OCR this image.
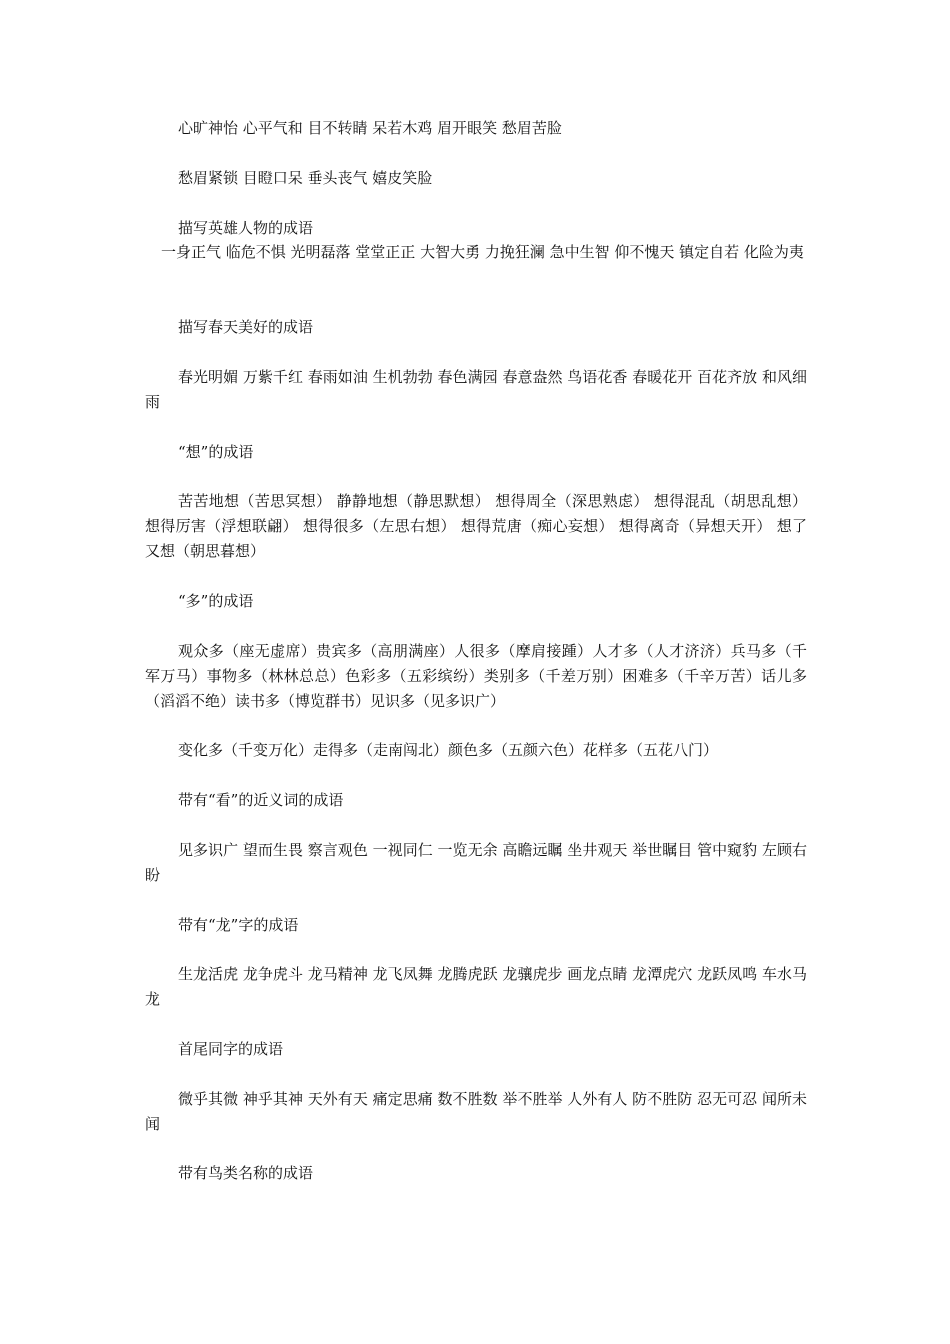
心旷神怡 心平气和 目不转睛 呆若木鸡 眉开眼笑 愁眉苦脸
愁眉紧锁 目瞪口呆 垂头丧气 嬉皮笑脸
描写英雄人物的成语
一身正气 临危不惧 光明磊落 堂堂正正 大智大勇 力挽狂澜 急中生智 仰不愧天 镇定自若 化险为夷
描写春天美好的成语
春光明媚 万紫千红 春雨如油 生机勃勃 春色满园 春意盎然 鸟语花香 春暖花开 百花齐放 和风细雨
“想”的成语
苦苦地想（苦思冥想） 静静地想（静思默想） 想得周全（深思熟虑） 想得混乱（胡思乱想） 想得厉害（浮想联翩） 想得很多（左思右想） 想得荒唐（痴心妄想） 想得离奇（异想天开） 想了又想（朝思暮想）
“多”的成语
观众多（座无虚席）贵宾多（高朋满座）人很多（摩肩接踵）人才多（人才济济）兵马多（千军万马）事物多（林林总总）色彩多（五彩缤纷）类别多（千差万别）困难多（千辛万苦）话儿多（滔滔不绝）读书多（博览群书）见识多（见多识广）
变化多（千变万化）走得多（走南闯北）颜色多（五颜六色）花样多（五花八门）
带有“看”的近义词的成语
见多识广 望而生畏 察言观色 一视同仁 一览无余 高瞻远瞩 坐井观天 举世瞩目 管中窥豹 左顾右盼
带有“龙”字的成语
生龙活虎 龙争虎斗 龙马精神 龙飞凤舞 龙腾虎跃 龙骧虎步 画龙点睛 龙潭虎穴 龙跃凤鸣 车水马龙
首尾同字的成语
微乎其微 神乎其神 天外有天 痛定思痛 数不胜数 举不胜举 人外有人 防不胜防 忍无可忍 闻所未闻
带有鸟类名称的成语
